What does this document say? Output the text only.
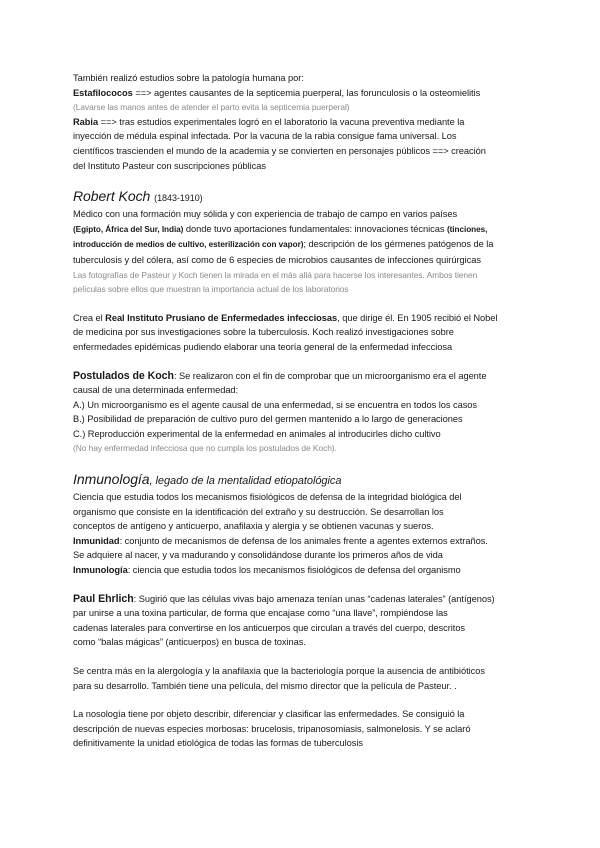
También realizó estudios sobre la patología humana por:

Estafilococos ==> agentes causantes de la septicemia puerperal, las forunculosis o la osteomielitis

(Lavarse las manos antes de atender el parto evita la septicemia puerperal)

Rabia ==> tras estudios experimentales logró en el laboratorio la vacuna preventiva mediante la

inyección de médula espinal infectada. Por la vacuna de la rabia consigue fama universal. Los

científicos trascienden el mundo de la academia y se convierten en personajes públicos ==> creación

del Instituto Pasteur con suscripciones públicas

Robert Koch (1843-1910)

Médico con una formación muy sólida y con experiencia de trabajo de campo en varios países

(Egipto, África del Sur, India) donde tuvo aportaciones fundamentales: innovaciones técnicas (tinciones,

introducción de medios de cultivo, esterilización con vapor); descripción de los gérmenes patógenos de la

tuberculosis y del cólera, así como de 6 especies de microbios causantes de infecciones quirúrgicas

Las fotografías de Pasteur y Koch tienen la mirada en el más allá para hacerse los interesantes. Ambos tienen

películas sobre ellos que muestran la importancia actual de los laboratorios

Crea el Real Instituto Prusiano de Enfermedades infecciosas, que dirige él. En 1905 recibió el Nobel

de medicina por sus investigaciones sobre la tuberculosis. Koch realizó investigaciones sobre

enfermedades epidémicas pudiendo elaborar una teoría general de la enfermedad infecciosa

Postulados de Koch: Se realizaron con el fin de comprobar que un microorganismo era el agente

causal de una determinada enfermedad:

A.) Un microorganismo es el agente causal de una enfermedad, si se encuentra en todos los casos

B.) Posibilidad de preparación de cultivo puro del germen mantenido a lo largo de generaciones

C.) Reproducción experimental de la enfermedad en animales al introducirles dicho cultivo

(No hay enfermedad infecciosa que no cumpla los postulados de Koch).

Inmunología, legado de la mentalidad etiopatológica

Ciencia que estudia todos los mecanismos fisiológicos de defensa de la integridad biológica del

organismo que consiste en la identificación del extraño y su destrucción. Se desarrollan los

conceptos de antígeno y anticuerpo, anafilaxia y alergia y se obtienen vacunas y sueros.

Inmunidad: conjunto de mecanismos de defensa de los animales frente a agentes externos extraños.

Se adquiere al nacer, y va madurando y consolidándose durante los primeros años de vida

Inmunología: ciencia que estudia todos los mecanismos fisiológicos de defensa del organismo

Paul Ehrlich: Sugirió que las células vivas bajo amenaza tenían unas “cadenas laterales” (antígenos)

par unirse a una toxina particular, de forma que encajase como “una llave”, rompiéndose las

cadenas laterales para convertirse en los anticuerpos que circulan a través del cuerpo, descritos

como “balas mágicas” (anticuerpos) en busca de toxinas.

Se centra más en la alergología y la anafilaxia que la bacteriología porque la ausencia de antibióticos

para su desarrollo. También tiene una película, del mismo director que la película de Pasteur. .

La nosología tiene por objeto describir, diferenciar y clasificar las enfermedades. Se consiguió la

descripción de nuevas especies morbosas: brucelosis, tripanosomiasis, salmonelosis. Y se aclaró

definitivamente la unidad etiológica de todas las formas de tuberculosis
